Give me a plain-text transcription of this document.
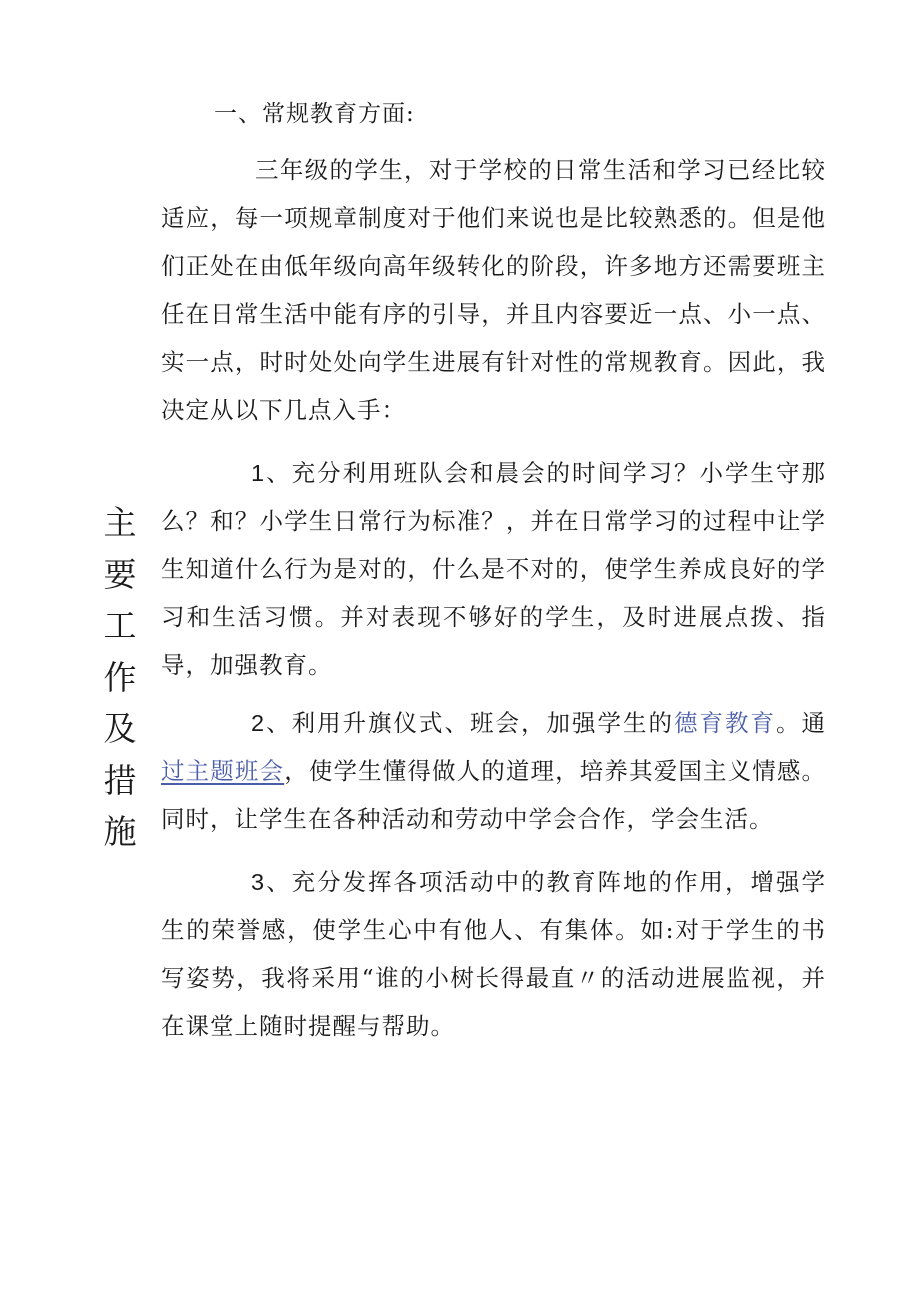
一、常规教育方面:
主
要
工
作
及
措
施

三年级的学生，对于学校的日常生活和学习已经比较适应，每一项规章制度对于他们来说也是比较熟悉的。但是他们正处在由低年级向高年级转化的阶段，许多地方还需要班主任在日常生活中能有序的引导，并且内容要近一点、小一点、实一点，时时处处向学生进展有针对性的常规教育。因此，我决定从以下几点入手：

1、充分利用班队会和晨会的时间学习？小学生守那么？和？小学生日常行为标准？，并在日常学习的过程中让学生知道什么行为是对的，什么是不对的，使学生养成良好的学习和生活习惯。并对表现不够好的学生，及时进展点拨、指导，加强教育。

2、利用升旗仪式、班会，加强学生的德育教育。通过主题班会，使学生懂得做人的道理，培养其爱国主义情感。同时，让学生在各种活动和劳动中学会合作，学会生活。

3、充分发挥各项活动中的教育阵地的作用，增强学生的荣誉感，使学生心中有他人、有集体。如:对于学生的书写姿势，我将采用“谁的小树长得最直〃的活动进展监视，并在课堂上随时提醒与帮助。
